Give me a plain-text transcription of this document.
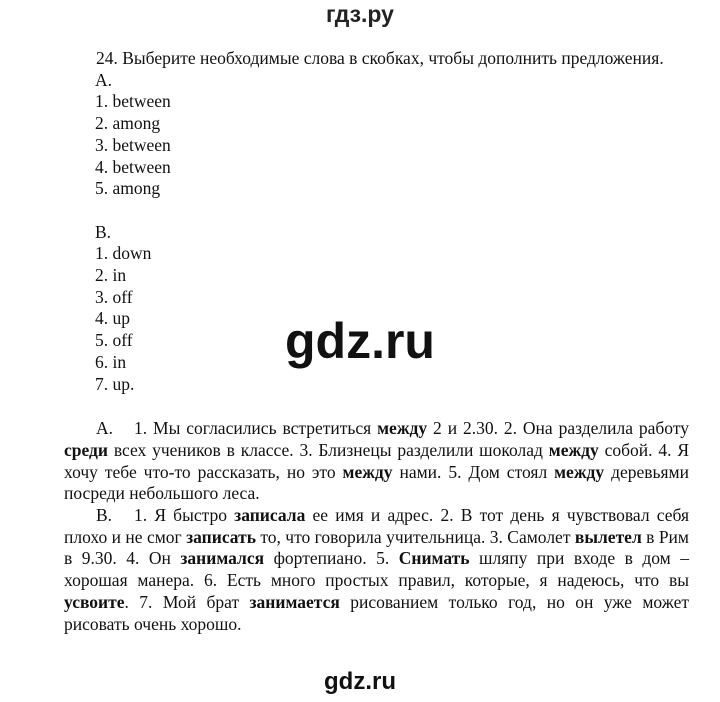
гдз.ру
24. Выберите необходимые слова в скобках, чтобы дополнить предложения.
A.
1. between
2. among
3. between
4. between
5. among
B.
1. down
2. in
3. off
4. up
5. off
6. in
7. up.
A. 1. Мы согласились встретиться между 2 и 2.30. 2. Она разделила работу среди всех учеников в классе. 3. Близнецы разделили шоколад между собой. 4. Я хочу тебе что-то рассказать, но это между нами. 5. Дом стоял между деревьями посреди небольшого леса.
B. 1. Я быстро записала ее имя и адрес. 2. В тот день я чувствовал себя плохо и не смог записать то, что говорила учительница. 3. Самолет вылетел в Рим в 9.30. 4. Он занимался фортепиано. 5. Снимать шляпу при входе в дом – хорошая манера. 6. Есть много простых правил, которые, я надеюсь, что вы усвоите. 7. Мой брат занимается рисованием только год, но он уже может рисовать очень хорошо.
gdz.ru
gdz.ru
